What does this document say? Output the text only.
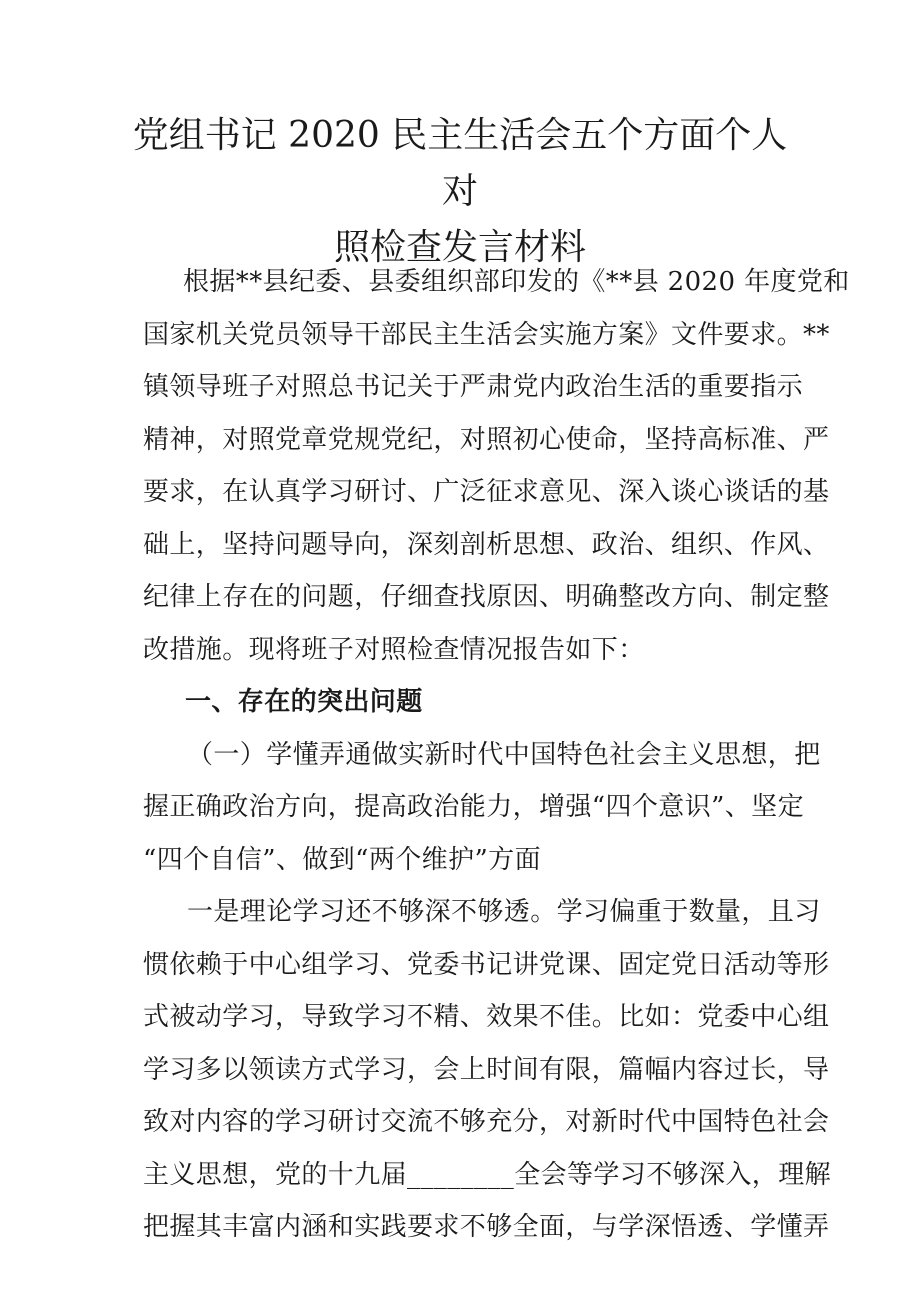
党组书记 2020 民主生活会五个方面个人对
照检查发言材料
根据**县纪委、县委组织部印发的《**县 2020 年度党和
国家机关党员领导干部民主生活会实施方案》文件要求。**
镇领导班子对照总书记关于严肃党内政治生活的重要指示
精神，对照党章党规党纪，对照初心使命，坚持高标准、严
要求，在认真学习研讨、广泛征求意见、深入谈心谈话的基
础上，坚持问题导向，深刻剖析思想、政治、组织、作风、
纪律上存在的问题，仔细查找原因、明确整改方向、制定整
改措施。现将班子对照检查情况报告如下：
一、存在的突出问题
（一）学懂弄通做实新时代中国特色社会主义思想，把
握正确政治方向，提高政治能力，增强“四个意识”、坚定
“四个自信”、做到“两个维护”方面
一是理论学习还不够深不够透。学习偏重于数量，且习
惯依赖于中心组学习、党委书记讲党课、固定党日活动等形
式被动学习，导致学习不精、效果不佳。比如：党委中心组
学习多以领读方式学习，会上时间有限，篇幅内容过长，导
致对内容的学习研讨交流不够充分，对新时代中国特色社会
主义思想，党的十九届________全会等学习不够深入，理解
把握其丰富内涵和实践要求不够全面，与学深悟透、学懂弄
